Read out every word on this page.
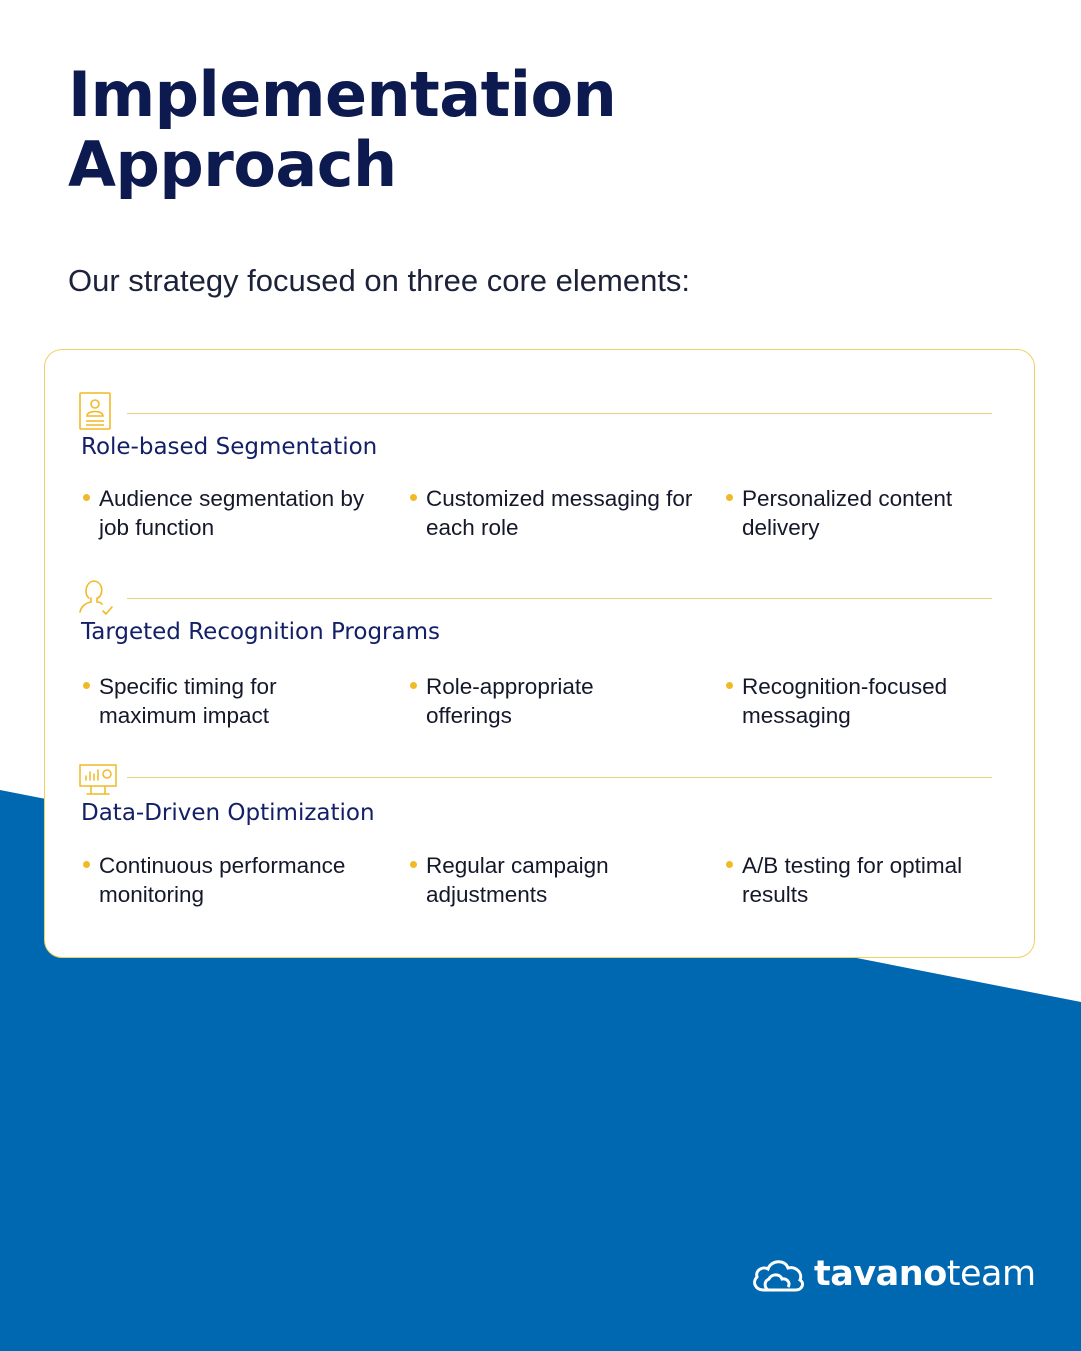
Implementation
Approach

Our strategy focused on three core elements:

Role-based Segmentation
Audience segmentation by job function
Customized messaging for each role
Personalized content delivery
Targeted Recognition Programs
Specific timing for maximum impact
Role-appropriate offerings
Recognition-focused messaging
Data-Driven Optimization
Continuous performance monitoring
Regular campaign adjustments
A/B testing for optimal results
tavanoteam
